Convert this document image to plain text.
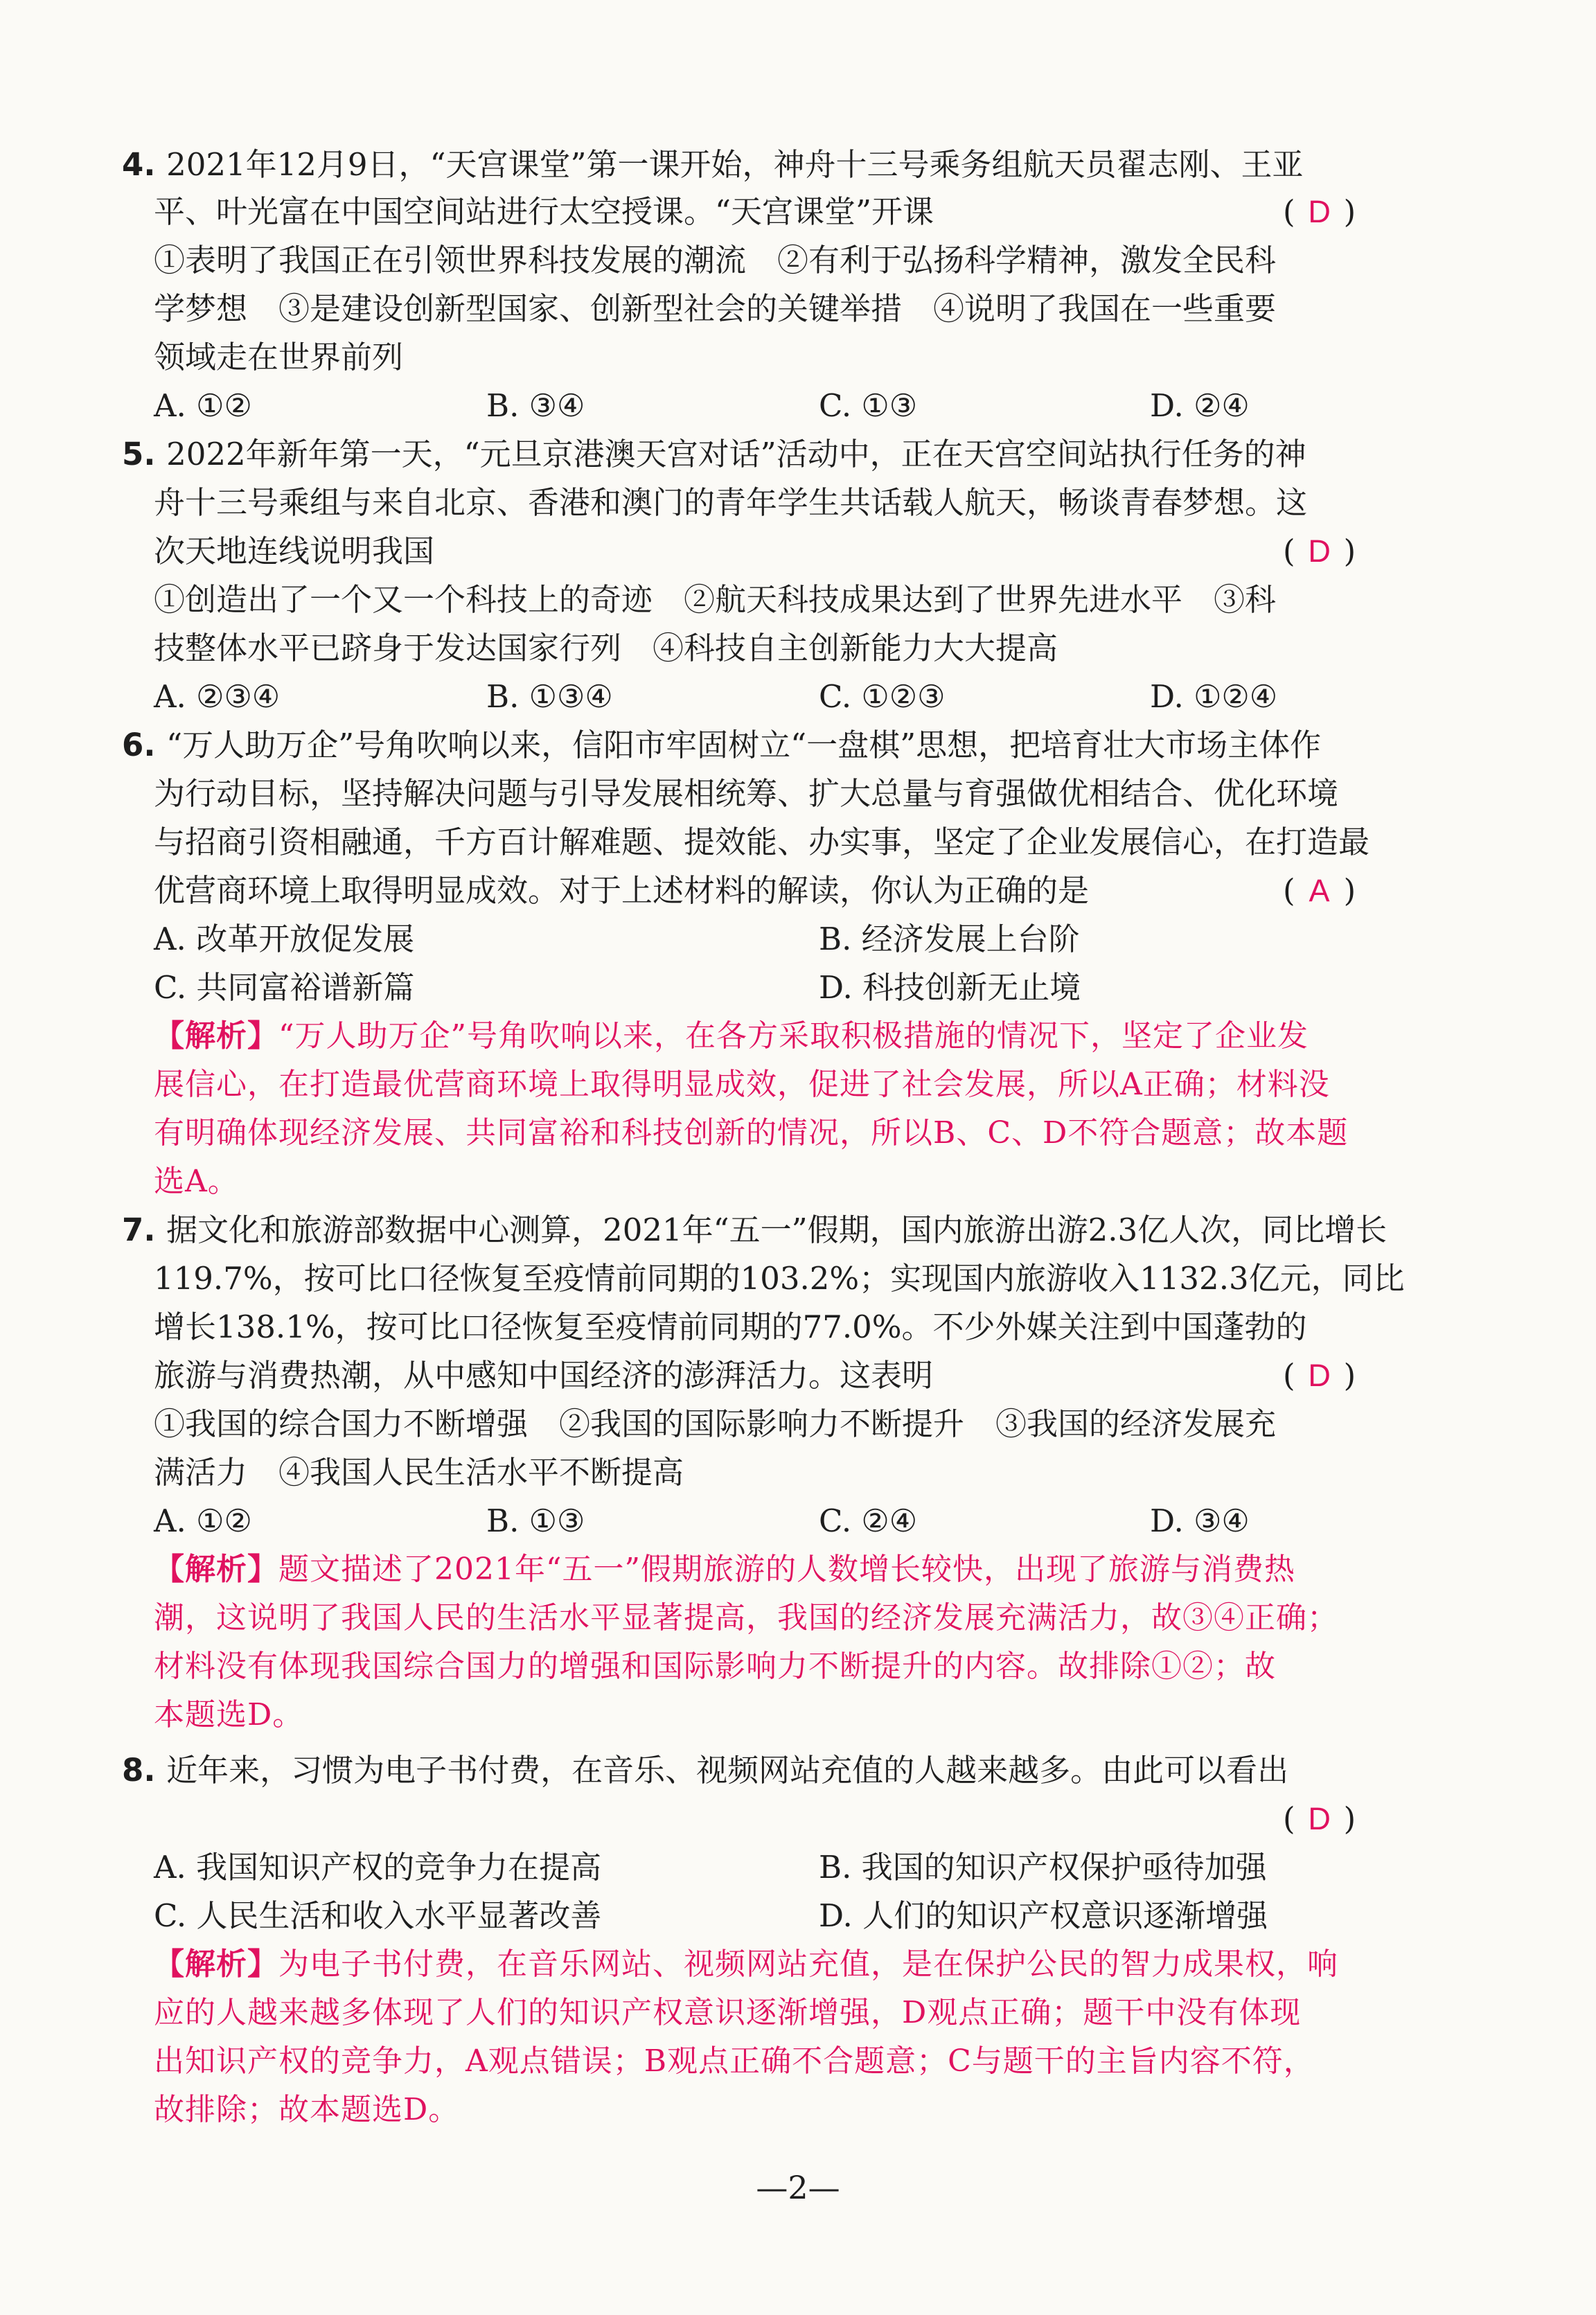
4. 2021年12月9日，“天宫课堂”第一课开始，神舟十三号乘务组航天员翟志刚、王亚
平、叶光富在中国空间站进行太空授课。“天宫课堂”开课	( D )
①表明了我国正在引领世界科技发展的潮流　②有利于弘扬科学精神，激发全民科
学梦想　③是建设创新型国家、创新型社会的关键举措　④说明了我国在一些重要
领域走在世界前列
A. ①②	B. ③④	C. ①③	D. ②④
5. 2022年新年第一天，“元旦京港澳天宫对话”活动中，正在天宫空间站执行任务的神
舟十三号乘组与来自北京、香港和澳门的青年学生共话载人航天，畅谈青春梦想。这
次天地连线说明我国	( D )
①创造出了一个又一个科技上的奇迹　②航天科技成果达到了世界先进水平　③科
技整体水平已跻身于发达国家行列　④科技自主创新能力大大提高
A. ②③④	B. ①③④	C. ①②③	D. ①②④
6. “万人助万企”号角吹响以来，信阳市牢固树立“一盘棋”思想，把培育壮大市场主体作
为行动目标，坚持解决问题与引导发展相统筹、扩大总量与育强做优相结合、优化环境
与招商引资相融通，千方百计解难题、提效能、办实事，坚定了企业发展信心，在打造最
优营商环境上取得明显成效。对于上述材料的解读，你认为正确的是	( A )
A. 改革开放促发展	B. 经济发展上台阶
C. 共同富裕谱新篇	D. 科技创新无止境
【解析】“万人助万企”号角吹响以来，在各方采取积极措施的情况下，坚定了企业发
展信心，在打造最优营商环境上取得明显成效，促进了社会发展，所以A正确；材料没
有明确体现经济发展、共同富裕和科技创新的情况，所以B、C、D不符合题意；故本题
选A。
7. 据文化和旅游部数据中心测算，2021年“五一”假期，国内旅游出游2.3亿人次，同比增长
119.7%，按可比口径恢复至疫情前同期的103.2%；实现国内旅游收入1132.3亿元，同比
增长138.1%，按可比口径恢复至疫情前同期的77.0%。不少外媒关注到中国蓬勃的
旅游与消费热潮，从中感知中国经济的澎湃活力。这表明	( D )
①我国的综合国力不断增强　②我国的国际影响力不断提升　③我国的经济发展充
满活力　④我国人民生活水平不断提高
A. ①②	B. ①③	C. ②④	D. ③④
【解析】题文描述了2021年“五一”假期旅游的人数增长较快，出现了旅游与消费热
潮，这说明了我国人民的生活水平显著提高，我国的经济发展充满活力，故③④正确；
材料没有体现我国综合国力的增强和国际影响力不断提升的内容。故排除①②；故
本题选D。
8. 近年来，习惯为电子书付费，在音乐、视频网站充值的人越来越多。由此可以看出
( D )
A. 我国知识产权的竞争力在提高	B. 我国的知识产权保护亟待加强
C. 人民生活和收入水平显著改善	D. 人们的知识产权意识逐渐增强
【解析】为电子书付费，在音乐网站、视频网站充值，是在保护公民的智力成果权，响
应的人越来越多体现了人们的知识产权意识逐渐增强，D观点正确；题干中没有体现
出知识产权的竞争力，A观点错误；B观点正确不合题意；C与题干的主旨内容不符，
故排除；故本题选D。
—2—
